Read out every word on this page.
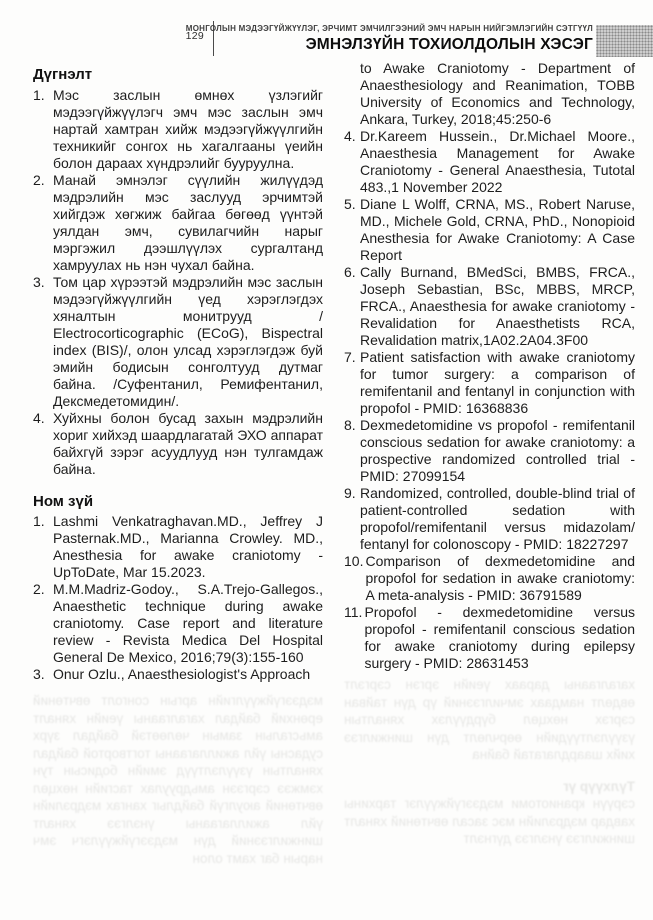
129
МОНГОЛЫН МЭДЭЭГҮЙЖҮҮЛЭГ, ЭРЧИМТ ЭМЧИЛГЭЭНИЙ ЭМЧ НАРЫН НИЙГЭМЛЭГИЙН СЭТГҮҮЛ
ЭМНЭЛЗҮЙН ТОХИОЛДОЛЫН ХЭСЭГ
Дүгнэлт
1. Мэс заслын өмнөх үзлэгийг мэдээгүйжүүлэгч эмч мэс заслын эмч нартай хамтран хийж мэдээгүйжүүлгийн техникийг сонгох нь хагалгааны үеийн болон дараах хүндрэлийг бууруулна.

2. Манай эмнэлэг сүүлийн жилүүдэд мэдрэлийн мэс заслууд эрчимтэй хийгдэж хөгжиж байгаа бөгөөд үүнтэй уялдан эмч, сувилагчийн нарыг мэргэжил дээшлүүлэх сургалтанд хамруулах нь нэн чухал байна.

3. Том цар хүрээтэй мэдрэлийн мэс заслын мэдээгүйжүүлгийн үед хэрэглэгдэх хяналтын монитрууд / Electrocorticographic (ECoG), Bispectral index (BIS)/, олон улсад хэрэглэгдэж буй эмийн бодисын сонголтууд дутмаг байна. /Суфентанил, Ремифентанил, Дексмедетомидин/.

4. Хуйхны болон бусад захын мэдрэлийн хориг хийхэд шаардлагатай ЭХО аппарат байхгүй зэрэг асуудлууд нэн тулгамдаж байна.

Ном зүй
1. Lashmi Venkatraghavan.MD., Jeffrey J Pasternak.MD., Marianna Crowley. MD., Anesthesia for awake craniotomy - UpToDate, Mar 15.2023.

2. M.M.Madriz-Godoy., S.A.Trejo-Gallegos., Anaesthetic technique during awake craniotomy. Case report and literature review - Revista Medica Del Hospital General De Mexico, 2016;79(3):155-160

3. Onur Ozlu., Anaesthesiologist's Approach

to Awake Craniotomy - Department of Anaesthesiology and Reanimation, TOBB University of Economics and Technology, Ankara, Turkey, 2018;45:250-6

4. Dr.Kareem Hussein., Dr.Michael Moore., Anaesthesia Management for Awake Craniotomy - General Anaesthesia, Tutotal 483.,1 November 2022

5. Diane L Wolff, CRNA, MS., Robert Naruse, MD., Michele Gold, CRNA, PhD., Nonopioid Anesthesia for Awake Craniotomy: A Case Report

6. Cally Burnand, BMedSci, BMBS, FRCA., Joseph Sebastian, BSc, MBBS, MRCP, FRCA., Anaesthesia for awake craniotomy - Revalidation for Anaesthetists RCA, Revalidation matrix,1A02.2A04.3F00

7. Patient satisfaction with awake craniotomy for tumor surgery: a comparison of remifentanil and fentanyl in conjunction with propofol - PMID: 16368836

8. Dexmedetomidine vs propofol - remifentanil conscious sedation for awake craniotomy: a prospective randomized controlled trial - PMID: 27099154

9. Randomized, controlled, double-blind trial of patient-controlled sedation with propofol/remifentanil versus midazolam/ fentanyl for colonoscopy - PMID: 18227297

10. Comparison of dexmedetomidine and propofol for sedation in awake craniotomy: A meta-analysis - PMID: 36791589

11. Propofol - dexmedetomidine versus propofol - remifentanil conscious sedation for awake craniotomy during epilepsy surgery - PMID: 28631453

мэдээгүйжүүлгийн аргын сонголт өвчтөний ерөнхий байдал хагалгааны үеийн хяналт амьсгалын замын чөлөөтэй байдал зүрх судасны үйл ажиллагааны тогтвортой байдал хяналтын үзүүлэлтүүд эмийн бодисын тун хэмжээ сэргээн амьдруулах тасгийн нөхцөл өвчтөний аюулгүй байдлыг хангах мэдрэлийн үйл ажиллагааны үнэлгээ хяналт шинжилгээний дүн мэдээгүйжүүлэгч эмч нарын баг хамт олон
хагалгааны дараах үеийн эргэн сэргэлт өвдөлт намдаах эмчилгээний үр дүн тайван сэргэх нөхцөл бүрдүүлэх хяналтын үзүүлэлтүүдийн өөрчлөлт дүн шинжилгээ хийх шаардлагатай байна
Түлхүүр үг
сэрүүн краниотоми мэдээгүйжүүлэг тархины хавдар мэдрэлийн мэс засал өвчтөний хяналт шинжилгээ үнэлгээ дүгнэлт
